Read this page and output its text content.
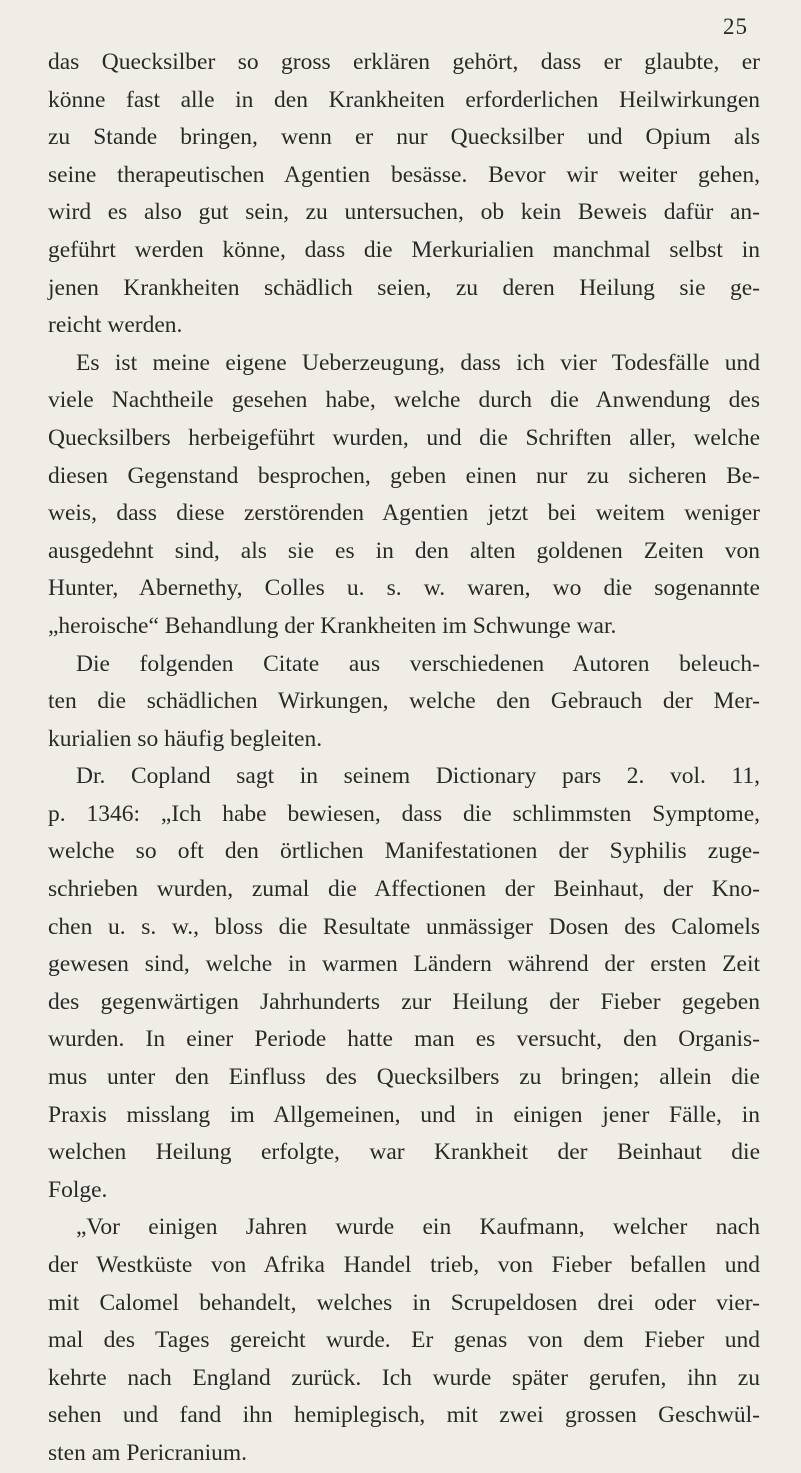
25
das Quecksilber so gross erklären gehört, dass er glaubte, er
könne fast alle in den Krankheiten erforderlichen Heilwirkungen
zu Stande bringen, wenn er nur Quecksilber und Opium als
seine therapeutischen Agentien besässe. Bevor wir weiter gehen,
wird es also gut sein, zu untersuchen, ob kein Beweis dafür an-
geführt werden könne, dass die Merkurialien manchmal selbst in
jenen Krankheiten schädlich seien, zu deren Heilung sie ge-
reicht werden.
Es ist meine eigene Ueberzeugung, dass ich vier Todesfälle und
viele Nachtheile gesehen habe, welche durch die Anwendung des
Quecksilbers herbeigeführt wurden, und die Schriften aller, welche
diesen Gegenstand besprochen, geben einen nur zu sicheren Be-
weis, dass diese zerstörenden Agentien jetzt bei weitem weniger
ausgedehnt sind, als sie es in den alten goldenen Zeiten von
Hunter, Abernethy, Colles u. s. w. waren, wo die sogenannte
„heroische“ Behandlung der Krankheiten im Schwunge war.
Die folgenden Citate aus verschiedenen Autoren beleuch-
ten die schädlichen Wirkungen, welche den Gebrauch der Mer-
kurialien so häufig begleiten.
Dr. Copland sagt in seinem Dictionary pars 2. vol. 11,
p. 1346: „Ich habe bewiesen, dass die schlimmsten Symptome,
welche so oft den örtlichen Manifestationen der Syphilis zuge-
schrieben wurden, zumal die Affectionen der Beinhaut, der Kno-
chen u. s. w., bloss die Resultate unmässiger Dosen des Calomels
gewesen sind, welche in warmen Ländern während der ersten Zeit
des gegenwärtigen Jahrhunderts zur Heilung der Fieber gegeben
wurden. In einer Periode hatte man es versucht, den Organis-
mus unter den Einfluss des Quecksilbers zu bringen; allein die
Praxis misslang im Allgemeinen, und in einigen jener Fälle, in
welchen Heilung erfolgte, war Krankheit der Beinhaut die
Folge.
„Vor einigen Jahren wurde ein Kaufmann, welcher nach
der Westküste von Afrika Handel trieb, von Fieber befallen und
mit Calomel behandelt, welches in Scrupeldosen drei oder vier-
mal des Tages gereicht wurde. Er genas von dem Fieber und
kehrte nach England zurück. Ich wurde später gerufen, ihn zu
sehen und fand ihn hemiplegisch, mit zwei grossen Geschwül-
sten am Pericranium.
